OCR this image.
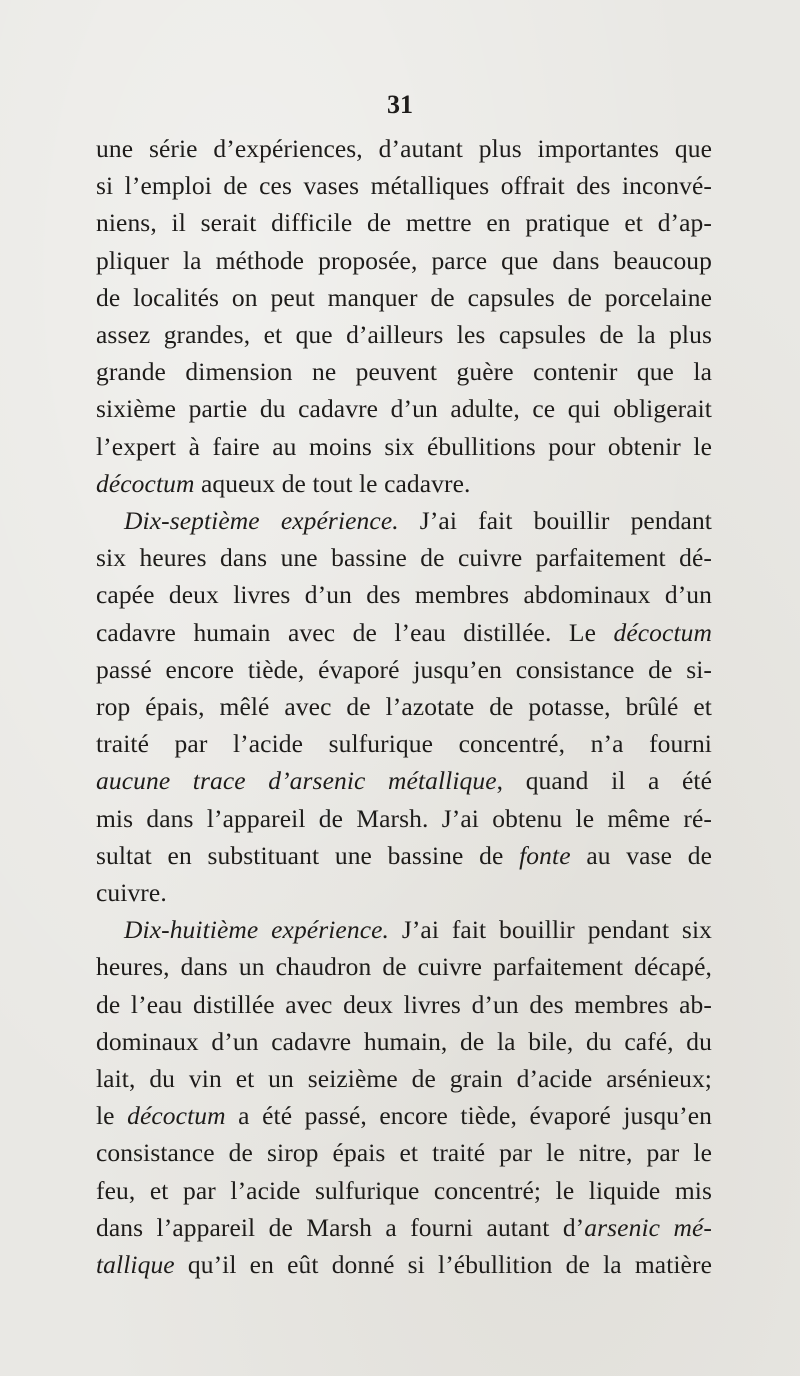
31
une série d’expériences, d’autant plus importantes que
si l’emploi de ces vases métalliques offrait des inconvé-
niens, il serait difficile de mettre en pratique et d’ap-
pliquer la méthode proposée, parce que dans beaucoup
de localités on peut manquer de capsules de porcelaine
assez grandes, et que d’ailleurs les capsules de la plus
grande dimension ne peuvent guère contenir que la
sixième partie du cadavre d’un adulte, ce qui obligerait
l’expert à faire au moins six ébullitions pour obtenir le
décoctum aqueux de tout le cadavre.
Dix-septième expérience. J’ai fait bouillir pendant
six heures dans une bassine de cuivre parfaitement dé-
capée deux livres d’un des membres abdominaux d’un
cadavre humain avec de l’eau distillée. Le décoctum
passé encore tiède, évaporé jusqu’en consistance de si-
rop épais, mêlé avec de l’azotate de potasse, brûlé et
traité par l’acide sulfurique concentré, n’a fourni
aucune trace d’arsenic métallique, quand il a été
mis dans l’appareil de Marsh. J’ai obtenu le même ré-
sultat en substituant une bassine de fonte au vase de
cuivre.
Dix-huitième expérience. J’ai fait bouillir pendant six
heures, dans un chaudron de cuivre parfaitement décapé,
de l’eau distillée avec deux livres d’un des membres ab-
dominaux d’un cadavre humain, de la bile, du café, du
lait, du vin et un seizième de grain d’acide arsénieux;
le décoctum a été passé, encore tiède, évaporé jusqu’en
consistance de sirop épais et traité par le nitre, par le
feu, et par l’acide sulfurique concentré; le liquide mis
dans l’appareil de Marsh a fourni autant d’arsenic mé-
tallique qu’il en eût donné si l’ébullition de la matière
